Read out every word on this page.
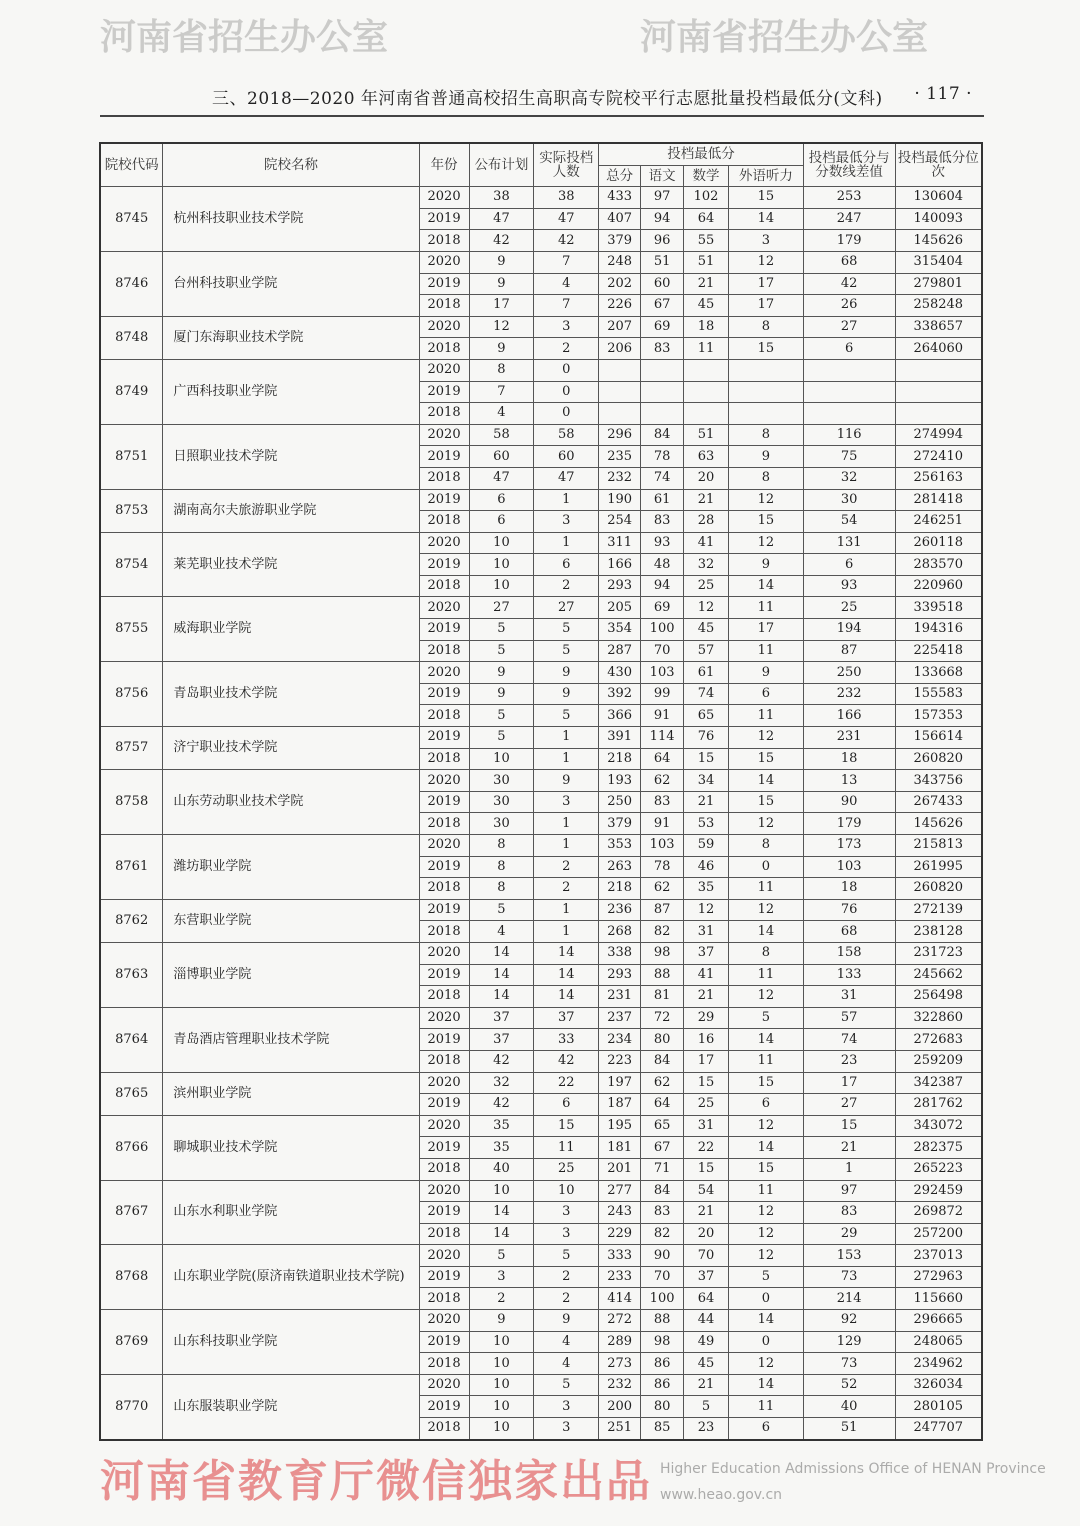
河南省招生办公室	河南省招生办公室
三、2018—2020 年河南省普通高校招生高职高专院校平行志愿批量投档最低分(文科) · 117 ·
院校代码	院校名称	年份	公布计划	实际投档人数	投档最低分				投档最低分与分数线差值	投档最低分位次
					总分	语文	数学	外语听力		
8745	杭州科技职业技术学院	2020	38	38	433	97	102	15	253	130604
		2019	47	47	407	94	64	14	247	140093
		2018	42	42	379	96	55	3	179	145626
8746	台州科技职业学院	2020	9	7	248	51	51	12	68	315404
		2019	9	4	202	60	21	17	42	279801
		2018	17	7	226	67	45	17	26	258248
8748	厦门东海职业技术学院	2020	12	3	207	69	18	8	27	338657
		2018	9	2	206	83	11	15	6	264060
8749	广西科技职业学院	2020	8	0						
		2019	7	0						
		2018	4	0						
8751	日照职业技术学院	2020	58	58	296	84	51	8	116	274994
		2019	60	60	235	78	63	9	75	272410
		2018	47	47	232	74	20	8	32	256163
8753	湖南高尔夫旅游职业学院	2019	6	1	190	61	21	12	30	281418
		2018	6	3	254	83	28	15	54	246251
8754	莱芜职业技术学院	2020	10	1	311	93	41	12	131	260118
		2019	10	6	166	48	32	9	6	283570
		2018	10	2	293	94	25	14	93	220960
8755	威海职业学院	2020	27	27	205	69	12	11	25	339518
		2019	5	5	354	100	45	17	194	194316
		2018	5	5	287	70	57	11	87	225418
8756	青岛职业技术学院	2020	9	9	430	103	61	9	250	133668
		2019	9	9	392	99	74	6	232	155583
		2018	5	5	366	91	65	11	166	157353
8757	济宁职业技术学院	2019	5	1	391	114	76	12	231	156614
		2018	10	1	218	64	15	15	18	260820
8758	山东劳动职业技术学院	2020	30	9	193	62	34	14	13	343756
		2019	30	3	250	83	21	15	90	267433
		2018	30	1	379	91	53	12	179	145626
8761	潍坊职业学院	2020	8	1	353	103	59	8	173	215813
		2019	8	2	263	78	46	0	103	261995
		2018	8	2	218	62	35	11	18	260820
8762	东营职业学院	2019	5	1	236	87	12	12	76	272139
		2018	4	1	268	82	31	14	68	238128
8763	淄博职业学院	2020	14	14	338	98	37	8	158	231723
		2019	14	14	293	88	41	11	133	245662
		2018	14	14	231	81	21	12	31	256498
8764	青岛酒店管理职业技术学院	2020	37	37	237	72	29	5	57	322860
		2019	37	33	234	80	16	14	74	272683
		2018	42	42	223	84	17	11	23	259209
8765	滨州职业学院	2020	32	22	197	62	15	15	17	342387
		2019	42	6	187	64	25	6	27	281762
8766	聊城职业技术学院	2020	35	15	195	65	31	12	15	343072
		2019	35	11	181	67	22	14	21	282375
		2018	40	25	201	71	15	15	1	265223
8767	山东水利职业学院	2020	10	10	277	84	54	11	97	292459
		2019	14	3	243	83	21	12	83	269872
		2018	14	3	229	82	20	12	29	257200
8768	山东职业学院(原济南铁道职业技术学院)	2020	5	5	333	90	70	12	153	237013
		2019	3	2	233	70	37	5	73	272963
		2018	2	2	414	100	64	0	214	115660
8769	山东科技职业学院	2020	9	9	272	88	44	14	92	296665
		2019	10	4	289	98	49	0	129	248065
		2018	10	4	273	86	45	12	73	234962
8770	山东服装职业学院	2020	10	5	232	86	21	14	52	326034
		2019	10	3	200	80	5	11	40	280105
		2018	10	3	251	85	23	6	51	247707
河南省教育厅微信独家出品 Higher Education Admissions Office of HENAN Province
www.heao.gov.cn
